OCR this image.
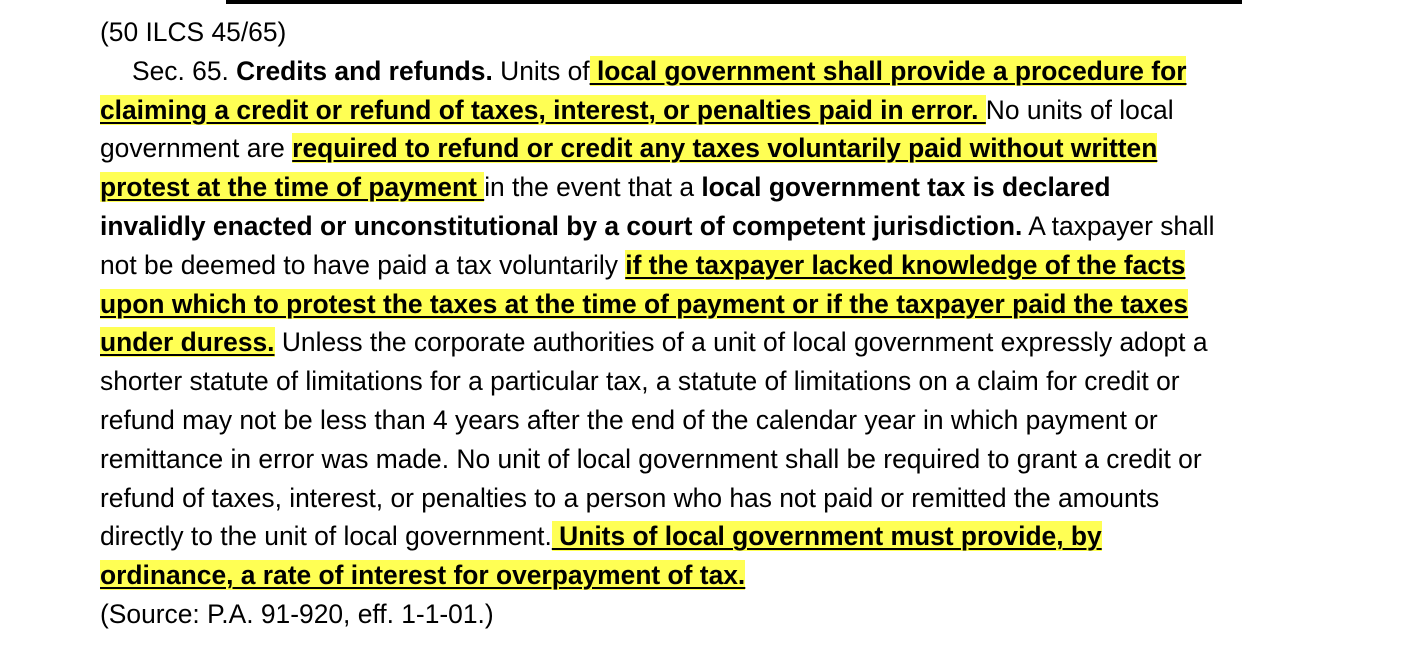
(50 ILCS 45/65)
Sec. 65. Credits and refunds. Units of local government shall provide a procedure for
claiming a credit or refund of taxes, interest, or penalties paid in error. No units of local
government are required to refund or credit any taxes voluntarily paid without written
protest at the time of payment in the event that a local government tax is declared
invalidly enacted or unconstitutional by a court of competent jurisdiction. A taxpayer shall
not be deemed to have paid a tax voluntarily if the taxpayer lacked knowledge of the facts
upon which to protest the taxes at the time of payment or if the taxpayer paid the taxes
under duress. Unless the corporate authorities of a unit of local government expressly adopt a
shorter statute of limitations for a particular tax, a statute of limitations on a claim for credit or
refund may not be less than 4 years after the end of the calendar year in which payment or
remittance in error was made. No unit of local government shall be required to grant a credit or
refund of taxes, interest, or penalties to a person who has not paid or remitted the amounts
directly to the unit of local government. Units of local government must provide, by
ordinance, a rate of interest for overpayment of tax.
(Source: P.A. 91-920, eff. 1-1-01.)
